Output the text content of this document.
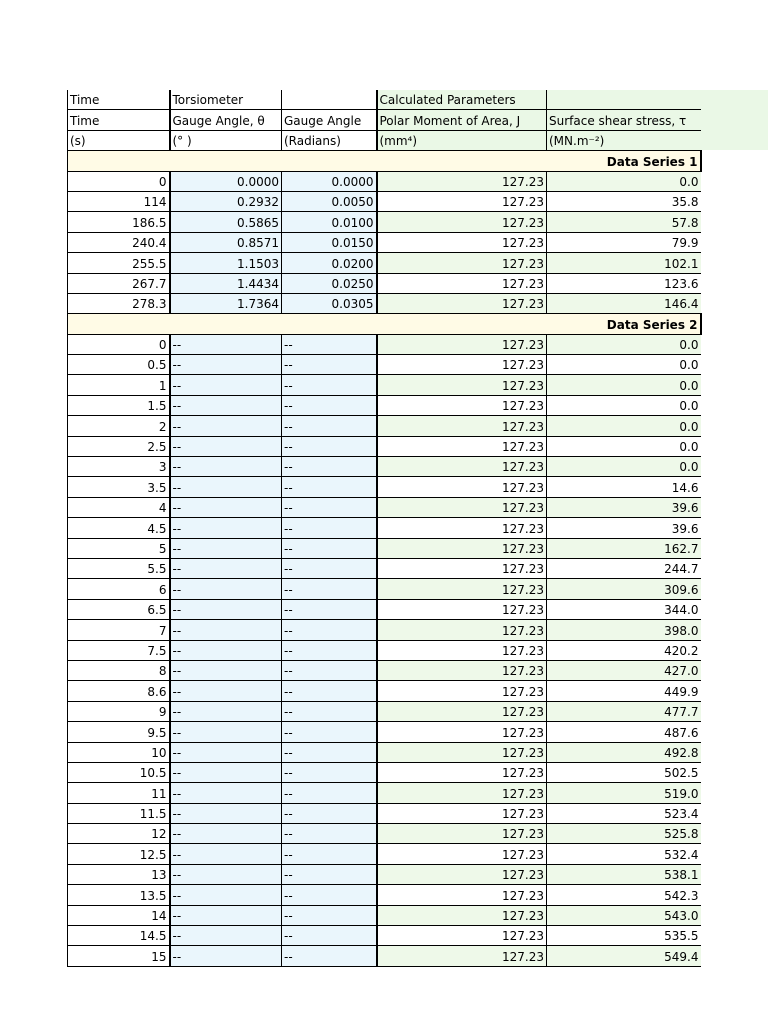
Time	Torsiometer		Calculated Parameters	
Time	Gauge Angle, θ	Gauge Angle	Polar Moment of Area, J	Surface shear stress, τ
(s)	(° )	(Radians)	(mm⁴)	(MN.m⁻²)
Data Series 1				
0	0.0000	0.0000	127.23	0.0
114	0.2932	0.0050	127.23	35.8
186.5	0.5865	0.0100	127.23	57.8
240.4	0.8571	0.0150	127.23	79.9
255.5	1.1503	0.0200	127.23	102.1
267.7	1.4434	0.0250	127.23	123.6
278.3	1.7364	0.0305	127.23	146.4
Data Series 2				
0	--	--	127.23	0.0
0.5	--	--	127.23	0.0
1	--	--	127.23	0.0
1.5	--	--	127.23	0.0
2	--	--	127.23	0.0
2.5	--	--	127.23	0.0
3	--	--	127.23	0.0
3.5	--	--	127.23	14.6
4	--	--	127.23	39.6
4.5	--	--	127.23	39.6
5	--	--	127.23	162.7
5.5	--	--	127.23	244.7
6	--	--	127.23	309.6
6.5	--	--	127.23	344.0
7	--	--	127.23	398.0
7.5	--	--	127.23	420.2
8	--	--	127.23	427.0
8.6	--	--	127.23	449.9
9	--	--	127.23	477.7
9.5	--	--	127.23	487.6
10	--	--	127.23	492.8
10.5	--	--	127.23	502.5
11	--	--	127.23	519.0
11.5	--	--	127.23	523.4
12	--	--	127.23	525.8
12.5	--	--	127.23	532.4
13	--	--	127.23	538.1
13.5	--	--	127.23	542.3
14	--	--	127.23	543.0
14.5	--	--	127.23	535.5
15	--	--	127.23	549.4
